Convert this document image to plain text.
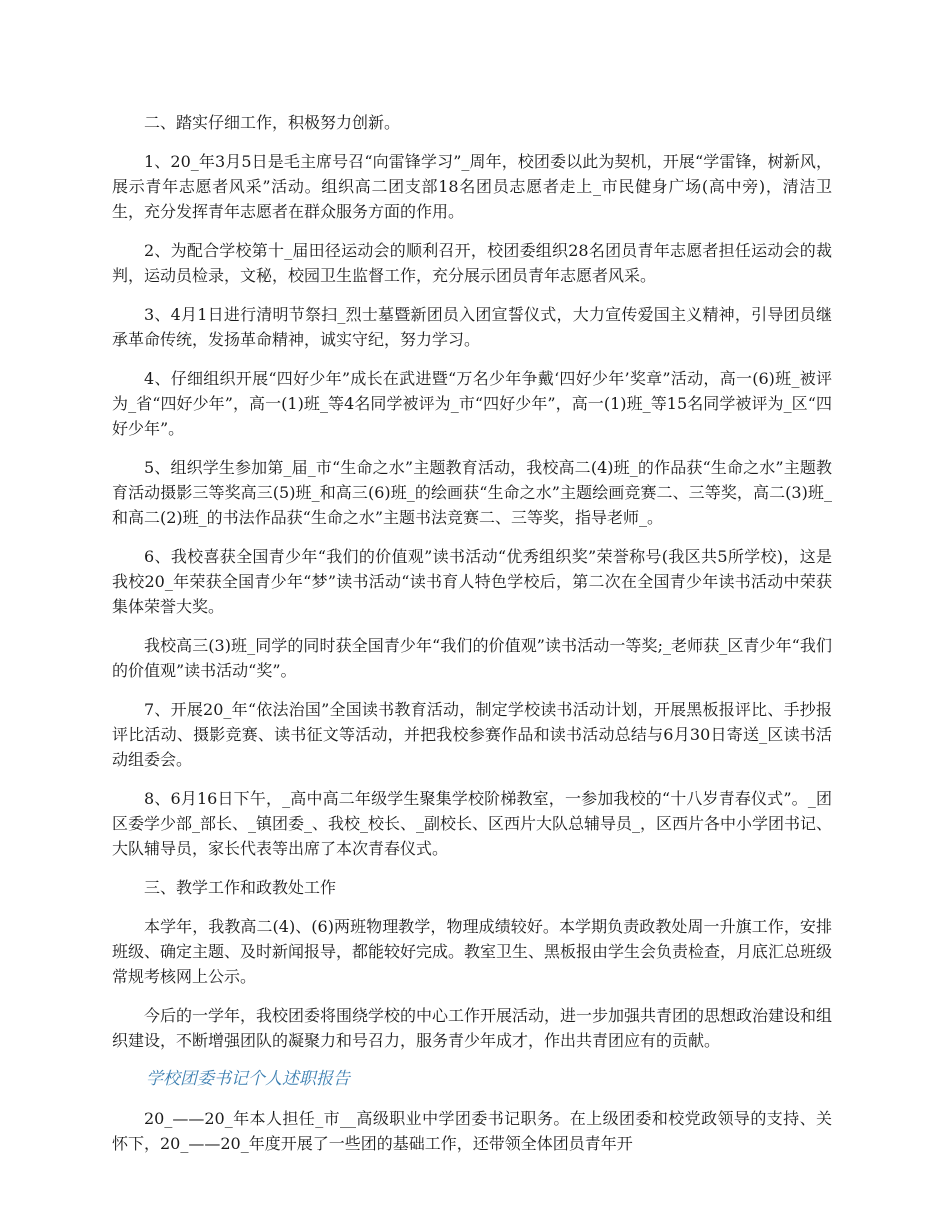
二、踏实仔细工作，积极努力创新。

1、20_年3月5日是毛主席号召“向雷锋学习”_周年，校团委以此为契机，开展“学雷锋，树新风，展示青年志愿者风采”活动。组织高二团支部18名团员志愿者走上_市民健身广场(高中旁)，清洁卫生，充分发挥青年志愿者在群众服务方面的作用。

2、为配合学校第十_届田径运动会的顺利召开，校团委组织28名团员青年志愿者担任运动会的裁判，运动员检录，文秘，校园卫生监督工作，充分展示团员青年志愿者风采。

3、4月1日进行清明节祭扫_烈士墓暨新团员入团宣誓仪式，大力宣传爱国主义精神，引导团员继承革命传统，发扬革命精神，诚实守纪，努力学习。

4、仔细组织开展“四好少年”成长在武进暨“万名少年争戴‘四好少年’奖章”活动，高一(6)班_被评为_省“四好少年”，高一(1)班_等4名同学被评为_市“四好少年”，高一(1)班_等15名同学被评为_区“四好少年”。

5、组织学生参加第_届_市“生命之水”主题教育活动，我校高二(4)班_的作品获“生命之水”主题教育活动摄影三等奖高三(5)班_和高三(6)班_的绘画获“生命之水”主题绘画竞赛二、三等奖，高二(3)班_和高二(2)班_的书法作品获“生命之水”主题书法竞赛二、三等奖，指导老师_。

6、我校喜获全国青少年“我们的价值观”读书活动“优秀组织奖”荣誉称号(我区共5所学校)，这是我校20_年荣获全国青少年“梦”读书活动“读书育人特色学校后，第二次在全国青少年读书活动中荣获集体荣誉大奖。

我校高三(3)班_同学的同时获全国青少年“我们的价值观”读书活动一等奖;_老师获_区青少年“我们的价值观”读书活动“奖”。

7、开展20_年“依法治国”全国读书教育活动，制定学校读书活动计划，开展黑板报评比、手抄报评比活动、摄影竞赛、读书征文等活动，并把我校参赛作品和读书活动总结与6月30日寄送_区读书活动组委会。

8、6月16日下午，_高中高二年级学生聚集学校阶梯教室，一参加我校的“十八岁青春仪式”。_团区委学少部_部长、_镇团委_、我校_校长、_副校长、区西片大队总辅导员_，区西片各中小学团书记、大队辅导员，家长代表等出席了本次青春仪式。

三、教学工作和政教处工作

本学年，我教高二(4)、(6)两班物理教学，物理成绩较好。本学期负责政教处周一升旗工作，安排班级、确定主题、及时新闻报导，都能较好完成。教室卫生、黑板报由学生会负责检查，月底汇总班级常规考核网上公示。

今后的一学年，我校团委将围绕学校的中心工作开展活动，进一步加强共青团的思想政治建设和组织建设，不断增强团队的凝聚力和号召力，服务青少年成才，作出共青团应有的贡献。

学校团委书记个人述职报告

20_——20_年本人担任_市__高级职业中学团委书记职务。在上级团委和校党政领导的支持、关怀下，20_——20_年度开展了一些团的基础工作，还带领全体团员青年开
